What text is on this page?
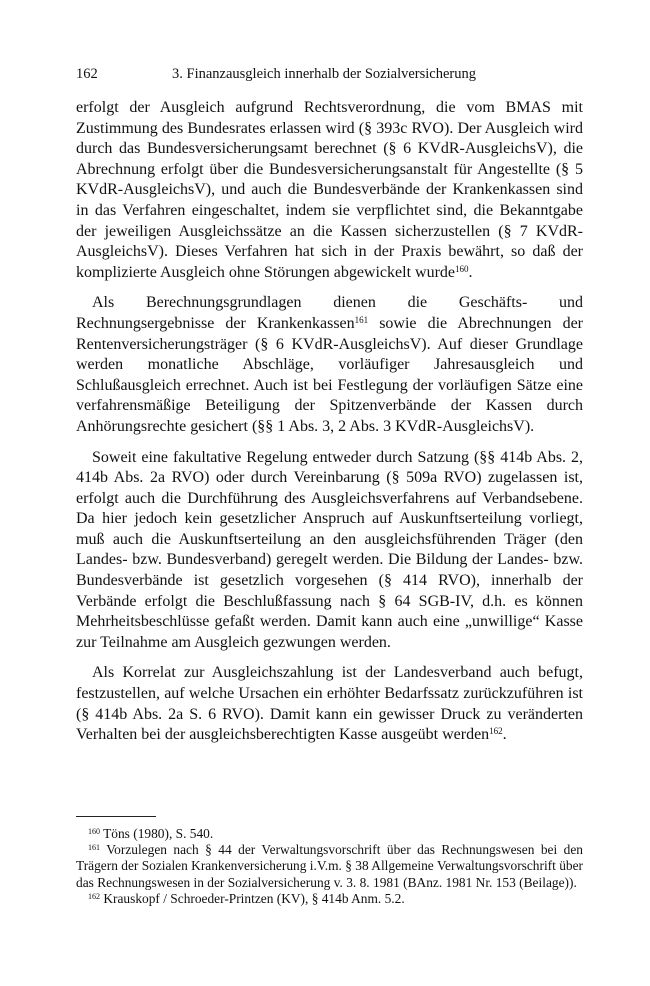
162	3. Finanzausgleich innerhalb der Sozialversicherung

erfolgt der Ausgleich aufgrund Rechtsverordnung, die vom BMAS mit Zustimmung des Bundesrates erlassen wird (§ 393c RVO). Der Ausgleich wird durch das Bundesversicherungsamt berechnet (§ 6 KVdR-AusgleichsV), die Abrechnung erfolgt über die Bundesversicherungsanstalt für Angestellte (§ 5 KVdR-AusgleichsV), und auch die Bundesverbände der Krankenkassen sind in das Verfahren eingeschaltet, indem sie verpflichtet sind, die Bekanntgabe der jeweiligen Ausgleichssätze an die Kassen sicherzustellen (§ 7 KVdR-AusgleichsV). Dieses Verfahren hat sich in der Praxis bewährt, so daß der komplizierte Ausgleich ohne Störungen abgewickelt wurde$^{160}$.

Als Berechnungsgrundlagen dienen die Geschäfts- und Rechnungsergebnisse der Krankenkassen$^{161}$ sowie die Abrechnungen der Rentenversicherungsträger (§ 6 KVdR-AusgleichsV). Auf dieser Grundlage werden monatliche Abschläge, vorläufiger Jahresausgleich und Schlußausgleich errechnet. Auch ist bei Festlegung der vorläufigen Sätze eine verfahrensmäßige Beteiligung der Spitzenverbände der Kassen durch Anhörungsrechte gesichert (§§ 1 Abs. 3, 2 Abs. 3 KVdR-AusgleichsV).

Soweit eine fakultative Regelung entweder durch Satzung (§§ 414b Abs. 2, 414b Abs. 2a RVO) oder durch Vereinbarung (§ 509a RVO) zugelassen ist, erfolgt auch die Durchführung des Ausgleichsverfahrens auf Verbandsebene. Da hier jedoch kein gesetzlicher Anspruch auf Auskunftserteilung vorliegt, muß auch die Auskunftserteilung an den ausgleichsführenden Träger (den Landes- bzw. Bundesverband) geregelt werden. Die Bildung der Landes- bzw. Bundesverbände ist gesetzlich vorgesehen (§ 414 RVO), innerhalb der Verbände erfolgt die Beschlußfassung nach § 64 SGB-IV, d.h. es können Mehrheitsbeschlüsse gefaßt werden. Damit kann auch eine „unwillige“ Kasse zur Teilnahme am Ausgleich gezwungen werden.

Als Korrelat zur Ausgleichszahlung ist der Landesverband auch befugt, festzustellen, auf welche Ursachen ein erhöhter Bedarfssatz zurückzuführen ist (§ 414b Abs. 2a S. 6 RVO). Damit kann ein gewisser Druck zu veränderten Verhalten bei der ausgleichsberechtigten Kasse ausgeübt werden$^{162}$.

$^{160}$ Töns (1980), S. 540.

$^{161}$ Vorzulegen nach § 44 der Verwaltungsvorschrift über das Rechnungswesen bei den Trägern der Sozialen Krankenversicherung i.V.m. § 38 Allgemeine Verwaltungsvorschrift über das Rechnungswesen in der Sozialversicherung v. 3. 8. 1981 (BAnz. 1981 Nr. 153 (Beilage)).

$^{162}$ Krauskopf / Schroeder-Printzen (KV), § 414b Anm. 5.2.
